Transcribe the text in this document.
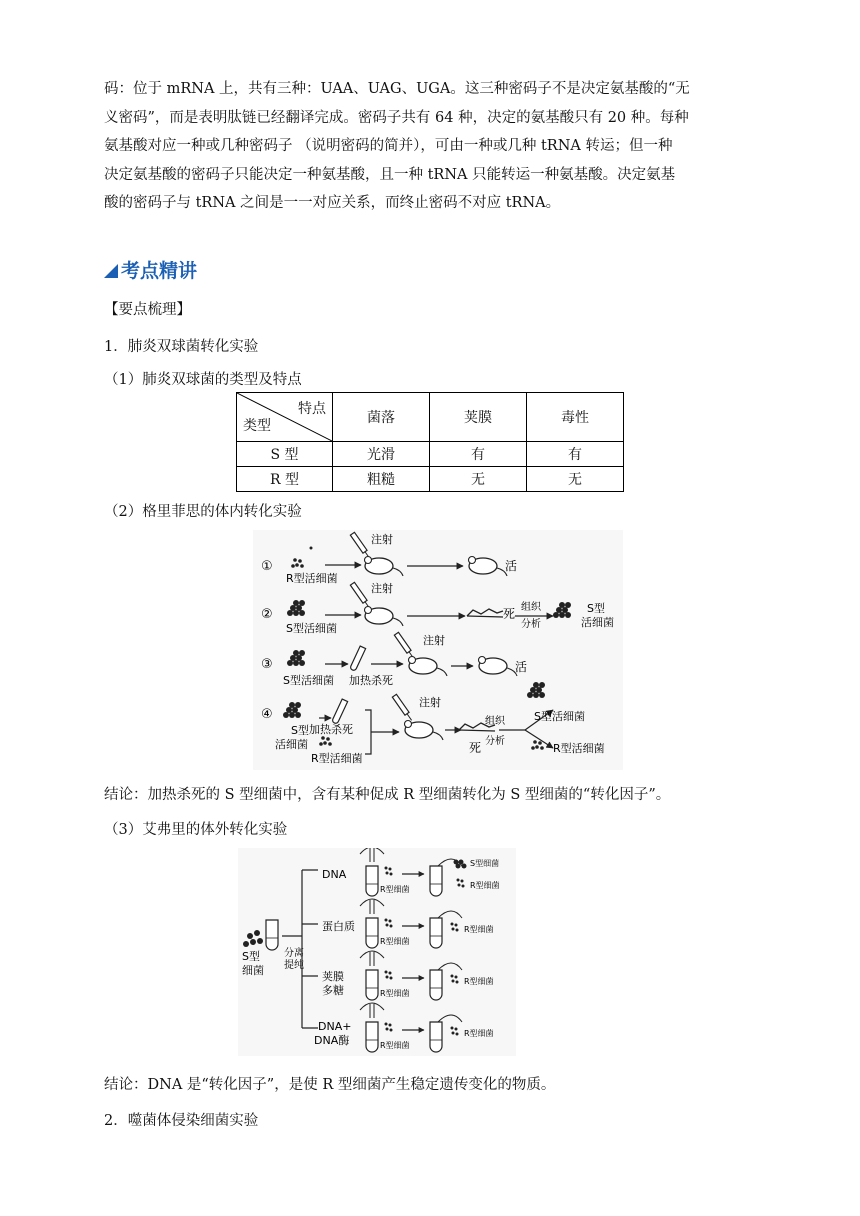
码：位于 mRNA 上，共有三种：UAA、UAG、UGA。这三种密码子不是决定氨基酸的“无
义密码”，而是表明肽链已经翻译完成。密码子共有 64 种，决定的氨基酸只有 20 种。每种
氨基酸对应一种或几种密码子 （说明密码的简并），可由一种或几种 tRNA 转运；但一种
决定氨基酸的密码子只能决定一种氨基酸，且一种 tRNA 只能转运一种氨基酸。决定氨基
酸的密码子与 tRNA 之间是一一对应关系，而终止密码不对应 tRNA。

考点精讲
【要点梳理】
1．肺炎双球菌转化实验
（1）肺炎双球菌的类型及特点
特点
类型	菌落	荚膜	毒性
S 型	光滑	有	有
R 型	粗糙	无	无
（2）格里菲思的体内转化实验
①
R型活细菌
注射
活
②
S型活细菌
注射
死 组织
分析
S型
活细菌
③
S型活细菌 加热杀死
注射
活
④
S型
活细菌
加热杀死
R型活细菌
注射
死
组织
分析
S型活细菌
R型活细菌
结论：加热杀死的 S 型细菌中，含有某种促成 R 型细菌转化为 S 型细菌的“转化因子”。
（3）艾弗里的体外转化实验
S型
细菌
分离
提纯
DNA
R型细菌
S型细菌
R型细菌
蛋白质
R型细菌
R型细菌
荚膜
多糖	R型细菌
R型细菌
DNA+
DNA酶	R型细菌
R型细菌
结论：DNA 是“转化因子”，是使 R 型细菌产生稳定遗传变化的物质。
2．噬菌体侵染细菌实验
